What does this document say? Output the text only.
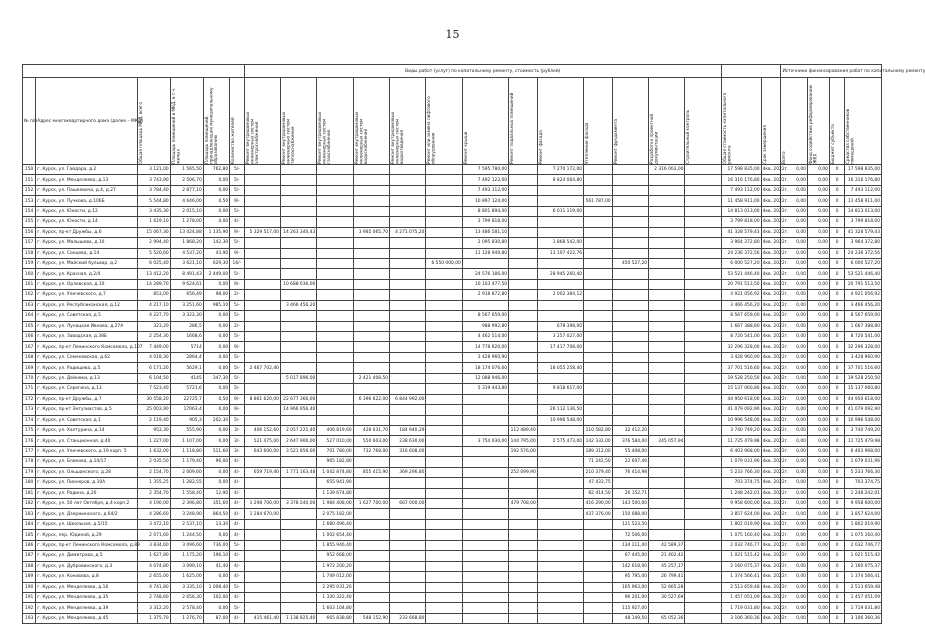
15
						Виды работ (услуг) по капитальному ремонту, стоимость (рублей)															Источники финансирования работ по капитальному ремонту			
№ п/п	Адрес многоквартирного дома (далее – МКД)	Общая площадь МКД, всего	Площадь помещений в МКД, в т.ч. жилых	Площадь помещений, принадлежащих муниципальному образованию	Количество жителей	Ремонт внутридомовых инженерных систем электроснабжения	Ремонт внутридомовых инженерных систем теплоснабжения	Ремонт внутридомовых инженерных систем газоснабжения	Ремонт внутридомовых инженерных систем водоснабжения	Ремонт внутридомовых инженерных систем водоотведения	Ремонт или замена лифтового оборудования	Ремонт крыши	Ремонт подвальных помещений	Ремонт фасада	Утепление фасада	Ремонт фундамента	Разработка проектной документации	Строительный контроль	Общая стоимость капитального ремонта	Срок завершения	Всего	Фонд содействия реформированию ЖКХ	Бюджет субъекта	Средства собственников помещений

150	г. Курск, ул. Гайдара, д.2	3 121,00	1 565,50	762,80	5/-							7 595 780,00		7 270 172,00			2 316 003,00		17 598 835,00	4кв. 2022г.	0,00	0,00	0	17 598 835,00
151	г. Курск, ул. Менделеева, д.13	3 743,90	2 506,70	0,00	5/-							7 492 122,00		8 824 064,80					16 316 176,80	4кв. 2022г.	0,00	0,00	0	16 316 176,80
152	г. Курск, ул. Пашкевича, д.4, д.27	3 784,40	2 877,10	0,00	5/-							7 493 112,00							7 493 112,00	4кв. 2022г.	0,00	0,00	0	7 493 112,00
153	г. Курск, ул. Пучкова, д.106Б	5 544,80	4 646,00	0,50	9/-							10 897 124,00			561 787,00				11 458 911,00	4кв. 2022г.	0,00	0,00	0	11 458 911,00
154	г. Курск, ул. Юности, д.12	3 435,30	2 015,10	0,00	5/-							8 801 894,00		6 011 119,00					14 813 013,00	4кв. 2022г.	0,00	0,00	0	14 813 013,00
155	г. Курск, ул. Юности, д.14	1 619,10	1 278,00	0,00	4/-							3 799 818,00							3 799 818,00	4кв. 2022г.	0,00	0,00	0	3 799 818,00
156	г. Курск, пр-кт Дружбы, д.6	15 067,30	13 424,88	1 135,90	9/-	5 329 517,00	14 263 340,43		3 985 065,70	4 271 075,20		13 486 581,10							41 328 579,43	4кв. 2022г.	0,00	0,00	0	41 328 579,43
157	г. Курск, ул. Малышева, д.10	2 994,40	1 868,20	142,30	5/-							2 095 830,80		1 868 542,00					3 964 372,80	4кв. 2022г.	0,00	0,00	0	3 964 372,80
158	г. Курск, ул. Сонцева, д.14	5 520,60	4 537,20	43,90	9/-							11 128 949,80		13 107 422,76					24 236 372,56	4кв. 2022г.	0,00	0,00	0	24 236 372,56
159	г. Курск, ул. Майский бульвар, д.2	6 025,40	3 621,10	629,30	16/-						6 550 000,00					450 527,20			6 000 527,20	4кв. 2022г.	0,00	0,00	0	6 000 527,20
160	г. Курск, ул. Красная, д.2/4	13 412,20	8 491,43	2 449,00	5/-							24 576 186,00		28 945 260,40					53 521 446,40	4кв. 2022г.	0,00	0,00	0	53 521 446,40
161	г. Курск, ул. Орловская, д.10	14 289,70	9 624,61	0,00	9/-		10 688 036,00					10 103 477,50							20 791 513,50	4кв. 2022г.	0,00	0,00	0	20 791 513,50
162	г. Курск, ул. Уличевского, д.7	853,00	656,49	98,00	2/-							2 918 872,80		2 002 384,12					4 921 056,92	4кв. 2022г.	0,00	0,00	0	4 921 056,92
163	г. Курск, ул. Республиканская, д.12	4 217,10	3 251,60	985,10	5/-		3 466 456,20												3 466 456,20	4кв. 2022г.	0,00	0,00	0	3 466 456,20
164	г. Курск, ул. Советская, д.5	4 227,70	3 322,30	0,00	5/-							8 567 659,00							8 567 659,00	4кв. 2022г.	0,00	0,00	0	8 567 659,00
165	г. Курск, ул. Лунацкая Ивнова, д.27А	323,20	286,5	0,00	2/-							988 992,80		678 398,00					1 667 388,80	4кв. 2022г.	0,00	0,00	0	1 667 388,80
166	г. Курск, ул. Заводская, д.38Б	2 254,30	1668,6	0,00	5/-							4 462 514,00		3 257 027,00					8 720 541,00	4кв. 2022г.	0,00	0,00	0	8 720 541,00
167	г. Курск, пр-кт Ленинского Комсомола, д.107	7 449,00	5714	0,00	9/-							14 778 620,00		17 417 708,00					32 296 328,00	4кв. 2022г.	0,00	0,00	0	32 296 328,00
168	г. Курск, ул. Семеновская, д.62	4 018,30	2864,4	0,00	5/-							3 428 960,90							3 428 960,90	4кв. 2022г.	0,00	0,00	0	3 428 960,90
169	г. Курск, ул. Радищева, д.5	6 171,20	5629,1	0,00	5/-	2 467 702,40						18 174 076,60		18 055 258,40					37 701 516,60	4кв. 2022г.	0,00	0,00	0	37 701 516,60
170	г. Курск, ул. Дейнеки, д.13	6 104,50	4145	347,30	5/-		5 017 896,00		2 421 408,50			12 088 946,00							19 528 250,50	4кв. 2022г.	0,00	0,00	0	19 528 250,50
171	г. Курск, ул. Серегина, д.13	7 523,40	5721,6	0,00	5/-							5 319 443,80		9 818 617,00					15 137 060,80	4кв. 2022г.	0,00	0,00	0	15 137 060,80
172	г. Курск, пр-кт Дружбы, д.7	30 558,20	22725,7	0,50	9/-	8 861 620,00	22 677 366,00		6 396 622,00	6 844 992,00									44 950 618,00	4кв. 2022г.	0,00	0,00	0	44 950 618,00
173	г. Курск, пр-кт Энтузиастов, д.5	25 003,90	17063,4	0,00	9/-		14 966 956,40							26 112 136,50					41 079 092,90	4кв. 2022г.	0,00	0,00	0	41 079 092,90
174	г. Курск, ул. Советская, д.1	2 119,40	905,3	202,30	5/-									10 996 548,00					10 996 548,00	4кв. 2022г.	0,00	0,00	0	10 996 548,00
175	г. Курск, ул. Халтурина, д.14	953,30	555,90	0,00	3/-	406 152,60	2 057 221,40	406 819,60	428 031,70	184 940,29			112 489,40		110 582,80	32 412,20			3 740 749,20	4кв. 2022г.	0,00	0,00	0	3 740 749,20
176	г. Курск, ул. Станционная, д.40	1 227,00	1 107,00	0,00	3/-	521 475,00	2 647 900,00	527 010,00	550 603,00	238 630,00		3 754 030,00	144 795,00	2 575 473,00	142 332,00	376 584,00	245 057,94		11 725 479,98	4кв. 2022г.	0,00	0,00	0	11 725 479,98
177	г. Курск, ул. Уличевского, д.19 корп. 5	1 632,00	1 118,80	511,60	3/-	643 600,00	3 521 856,00	701 780,00	732 768,00	316 608,00			192 576,00		189 312,00	55 408,00			6 403 968,00	4кв. 2022г.	0,00	0,00	0	6 403 968,00
178	г. Курск, ул. Блинова, д.14/17	2 035,50	1 179,40	96,00	4/-			965 182,80							71 242,50	22 607,46			1 079 031,96	4кв. 2022г.	0,00	0,00	0	1 079 031,96
179	г. Курск, ул. Ольшанского, д.28	2 154,70	2 009,60	0,00	4/-	659 719,40	1 771 163,48	1 042 874,80	855 415,90	369 296,80			252 099,90		210 379,40	76 414,98			5 233 766,30	4кв. 2022г.	0,00	0,00	0	5 233 766,30
180	г. Курск, ул. Пионеров, д.10А	1 355,25	1 282,55	0,00	4/-			655 941,90							47 433,75				703 374,75	4кв. 2022г.	0,00	0,00	0	703 374,75
181	г. Курск, ул. Радина, д.20	2 354,70	1 558,40	12,90	4/-			1 139 674,80							82 414,50	26 152,71			1 248 242,01	4кв. 2022г.	0,00	0,00	0	1 248 242,01
182	г. Курск, ул. 50 лет Октября, д.4 корп.2	4 190,00	2 396,80	351,60	4/-	1 298 700,00	3 378 240,00	1 984 408,00	1 627 700,00	667 000,00			479 708,00		416 290,00	143 500,00			9 958 600,00	4кв. 2022г.	0,00	0,00	0	9 958 600,00
183	г. Курск, ул. Дзержинского, д.64/2	4 286,60	3 248,90	864,50	4/-	1 284 670,00		2 075 182,00							437 376,00	150 088,00			3 857 624,00	4кв. 2022г.	0,00	0,00	0	3 857 624,00
184	г. Курск, ул. Школьная, д.5/15	3 472,10	2 537,10	13,30	4/-			1 680 496,40								121 523,50			1 802 019,90	4кв. 2022г.	0,00	0,00	0	1 802 019,90
185	г. Курск, пер. Юдиной, д.29	2 071,60	1 244,50	0,00	4/-			1 002 654,40								72 506,00			1 075 160,40	4кв. 2022г.	0,00	0,00	0	1 075 160,40
186	г. Курск, пр-кт Ленинского Комсомола, д.89	3 834,60	3 096,60	736,00	5/-			1 855 946,40								134 211,00	42 589,37		2 032 746,77	4кв. 2022г.	0,00	0,00	0	2 032 746,77
187	г. Курск, ул. Димитрова, д.5	1 627,80	1 175,20	196,10	4/-			952 668,00								67 445,00	21 402,42		1 021 515,42	4кв. 2022г.	0,00	0,00	0	1 021 515,42
188	г. Курск, ул. Дубровинского, д.3	4 074,80	3 099,10	41,40	4/-			1 972 200,20								142 618,00	45 257,17		2 160 075,37	4кв. 2022г.	0,00	0,00	0	2 160 075,37
189	г. Курск, ул. Коновова, д.8	2 655,00	1 625,00	0,00	4/-			1 749 012,00								95 795,00	26 799,41		1 374 566,41	4кв. 2022г.	0,00	0,00	0	1 374 566,41
190	г. Курск, ул. Менделеева, д.16	4 741,80	3 335,10	1 008,40	5/-			2 295 031,20								165 963,00	52 665,28		2 513 659,48	4кв. 2022г.	0,00	0,00	0	2 513 659,48
191	г. Курск, ул. Менделеева, д.35	2 748,60	2 656,30	102,00	4/-			1 330 322,40								96 201,00	30 527,69		1 457 051,09	4кв. 2022г.	0,00	0,00	0	1 457 051,09
192	г. Курск, ул. Менделеева, д.39	3 312,20	2 578,40	0,00	5/-			1 603 104,80								115 927,00			1 719 031,80	4кв. 2022г.	0,00	0,00	0	1 719 031,80
193	г. Курск, ул. Менделеева, д.45	1 375,70	1 276,70	87,00	4/-	415 461,40	1 138 825,40	665 838,80	548 152,90	233 668,80						48 149,50	65 052,36		3 106 360,36	4кв. 2022г.	0,00	0,00	0	3 106 360,36
